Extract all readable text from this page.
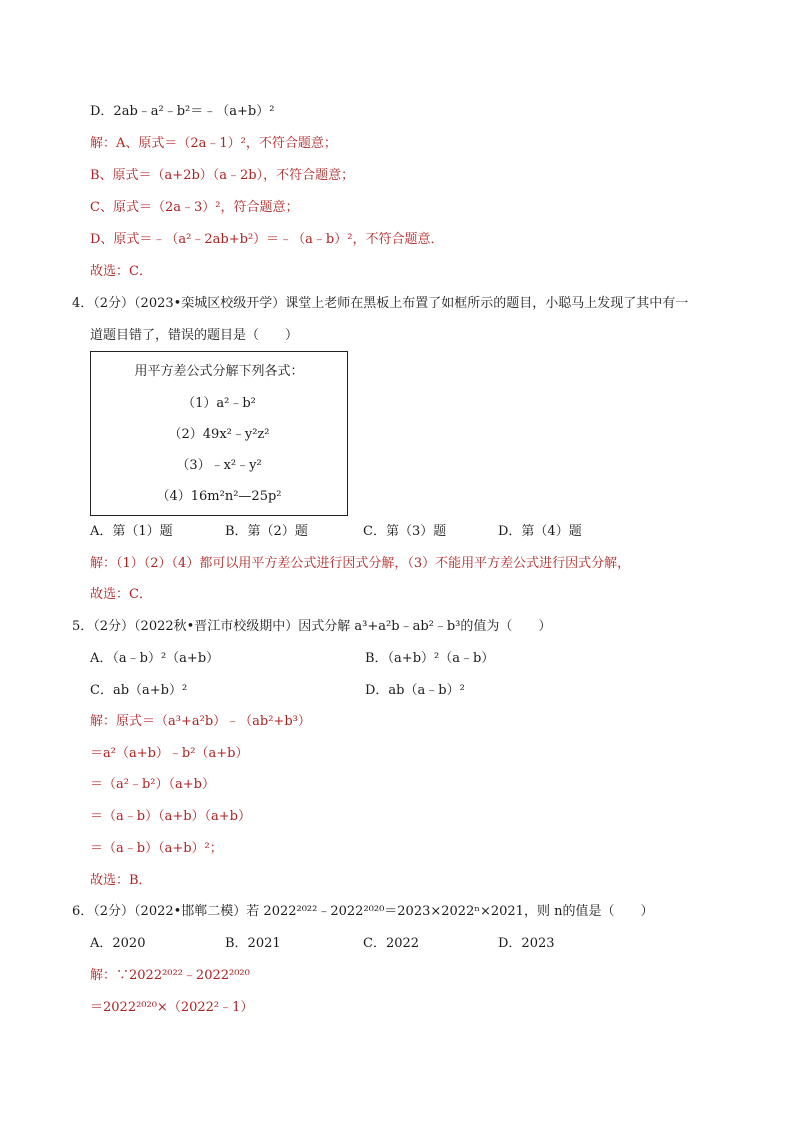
D．2ab﹣a²﹣b²＝﹣（a+b）²
解：A、原式＝（2a﹣1）²，不符合题意；
B、原式＝（a+2b）（a﹣2b），不符合题意；
C、原式＝（2a﹣3）²，符合题意；
D、原式＝﹣（a²﹣2ab+b²）＝﹣（a﹣b）²，不符合题意．
故选：C．
4．（2分）（2023•栾城区校级开学）课堂上老师在黑板上布置了如框所示的题目，小聪马上发现了其中有一
道题目错了，错误的题目是（　　）
用平方差公式分解下列各式：
（1）a²﹣b²
（2）49x²﹣y²z²
（3）﹣x²﹣y²
（4）16m²n²—25p²
A．第（1）题	B．第（2）题	C．第（3）题	D．第（4）题
解：（1）（2）（4）都可以用平方差公式进行因式分解，（3）不能用平方差公式进行因式分解，
故选：C．
5．（2分）（2022秋•晋江市校级期中）因式分解 a³+a²b﹣ab²﹣b³的值为（　　）
A．（a﹣b）²（a+b）	B．（a+b）²（a﹣b）
C．ab（a+b）²	D．ab（a﹣b）²
解：原式＝（a³+a²b）﹣（ab²+b³）
＝a²（a+b）﹣b²（a+b）
＝（a²﹣b²）（a+b）
＝（a﹣b）（a+b）（a+b）
＝（a﹣b）（a+b）²；
故选：B．
6．（2分）（2022•邯郸二模）若 2022²⁰²²﹣2022²⁰²⁰＝2023×2022ⁿ×2021，则 n的值是（　　）
A．2020	B．2021	C．2022	D．2023
解：∵2022²⁰²²﹣2022²⁰²⁰
＝2022²⁰²⁰×（2022²﹣1）
